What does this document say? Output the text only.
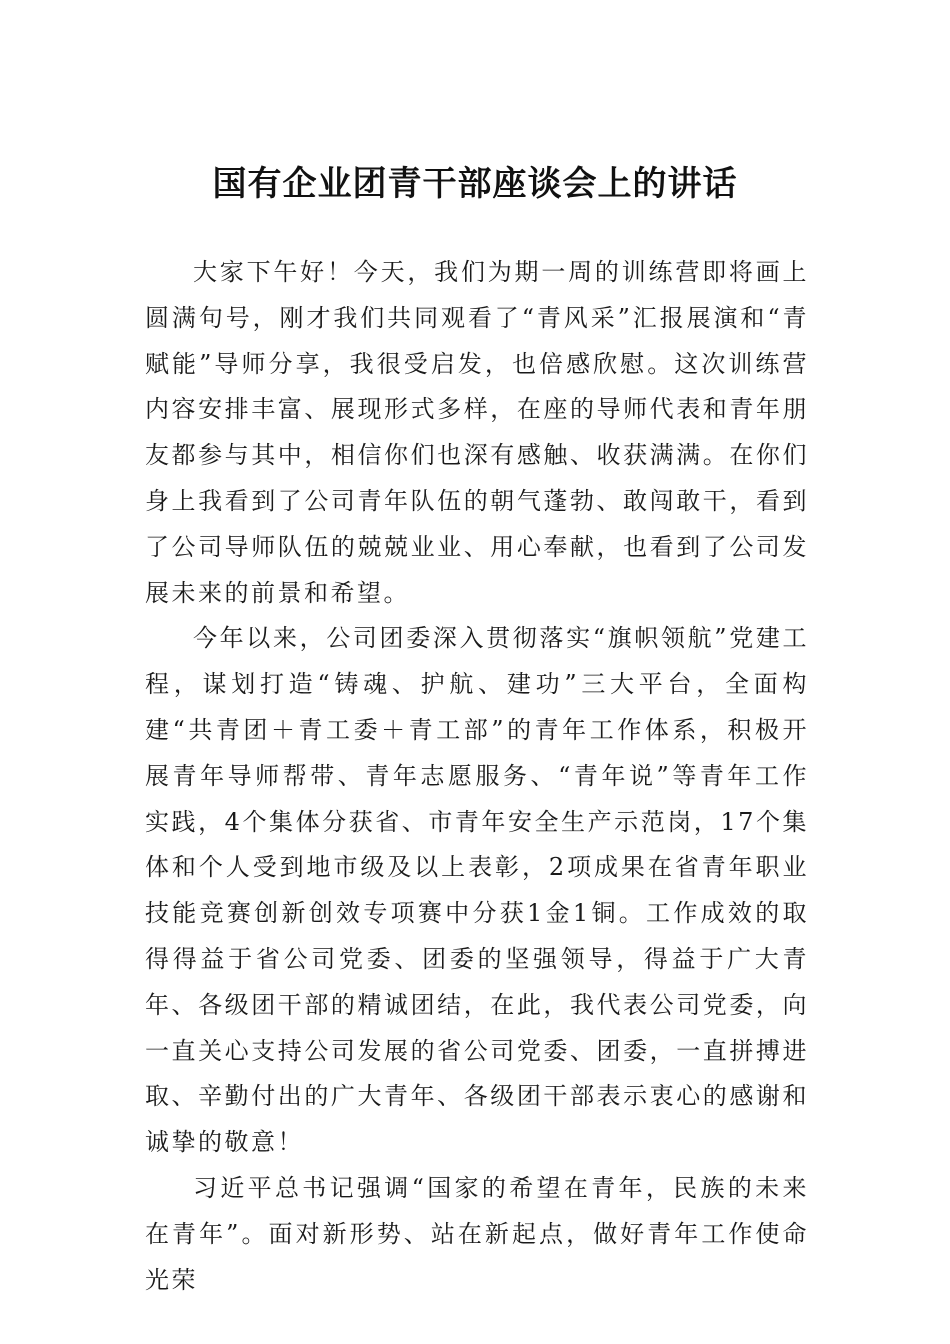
国有企业团青干部座谈会上的讲话

大家下午好！今天，我们为期一周的训练营即将画上圆满句号，刚才我们共同观看了“青风采”汇报展演和“青赋能”导师分享，我很受启发，也倍感欣慰。这次训练营内容安排丰富、展现形式多样，在座的导师代表和青年朋友都参与其中，相信你们也深有感触、收获满满。在你们身上我看到了公司青年队伍的朝气蓬勃、敢闯敢干，看到了公司导师队伍的兢兢业业、用心奉献，也看到了公司发展未来的前景和希望。

今年以来，公司团委深入贯彻落实“旗帜领航”党建工程，谋划打造“铸魂、护航、建功”三大平台，全面构建“共青团＋青工委＋青工部”的青年工作体系，积极开展青年导师帮带、青年志愿服务、“青年说”等青年工作实践，4个集体分获省、市青年安全生产示范岗，17个集体和个人受到地市级及以上表彰，2项成果在省青年职业技能竞赛创新创效专项赛中分获1金1铜。工作成效的取得得益于省公司党委、团委的坚强领导，得益于广大青年、各级团干部的精诚团结，在此，我代表公司党委，向一直关心支持公司发展的省公司党委、团委，一直拼搏进取、辛勤付出的广大青年、各级团干部表示衷心的感谢和诚挚的敬意！

习近平总书记强调“国家的希望在青年，民族的未来在青年”。面对新形势、站在新起点，做好青年工作使命光荣
